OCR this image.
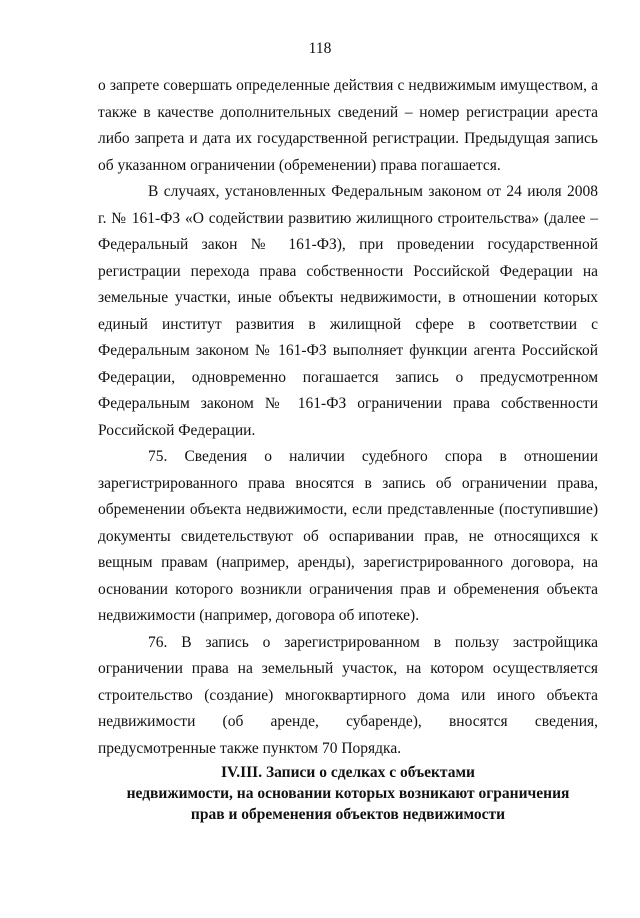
118

о запрете совершать определенные действия с недвижимым имуществом, а также в качестве дополнительных сведений – номер регистрации ареста либо запрета и дата их государственной регистрации. Предыдущая запись об указанном ограничении (обременении) права погашается.

В случаях, установленных Федеральным законом от 24 июля 2008 г. № 161-ФЗ «О содействии развитию жилищного строительства» (далее – Федеральный закон № 161-ФЗ), при проведении государственной регистрации перехода права собственности Российской Федерации на земельные участки, иные объекты недвижимости, в отношении которых единый институт развития в жилищной сфере в соответствии с Федеральным законом № 161-ФЗ выполняет функции агента Российской Федерации, одновременно погашается запись о предусмотренном Федеральным законом № 161-ФЗ ограничении права собственности Российской Федерации.

75. Сведения о наличии судебного спора в отношении зарегистрированного права вносятся в запись об ограничении права, обременении объекта недвижимости, если представленные (поступившие) документы свидетельствуют об оспаривании прав, не относящихся к вещным правам (например, аренды), зарегистрированного договора, на основании которого возникли ограничения прав и обременения объекта недвижимости (например, договора об ипотеке).

76. В запись о зарегистрированном в пользу застройщика ограничении права на земельный участок, на котором осуществляется строительство (создание) многоквартирного дома или иного объекта недвижимости (об аренде, субаренде), вносятся сведения, предусмотренные также пунктом 70 Порядка.

IV.III. Записи о сделках с объектами
недвижимости, на основании которых возникают ограничения
прав и обременения объектов недвижимости
